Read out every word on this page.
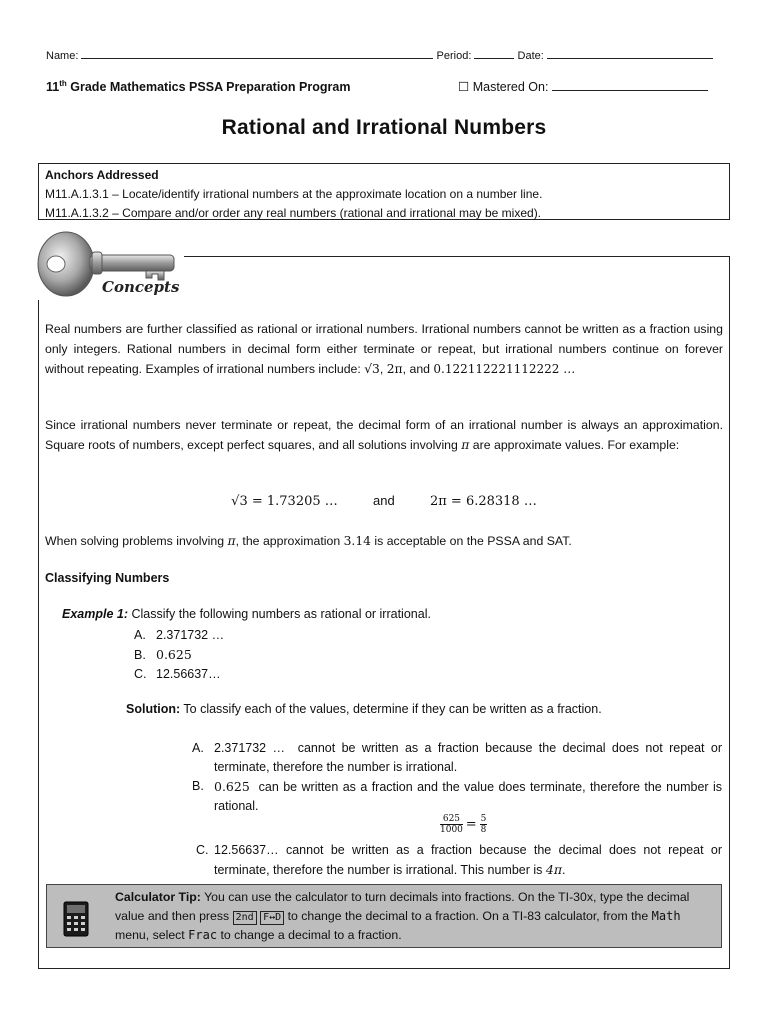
Name:	Period:	Date:
11th Grade Mathematics PSSA Preparation Program	☐ Mastered On:
Rational and Irrational Numbers
Anchors Addressed
M11.A.1.3.1 – Locate/identify irrational numbers at the approximate location on a number line.
M11.A.1.3.2 – Compare and/or order any real numbers (rational and irrational may be mixed).
Concepts
Real numbers are further classified as rational or irrational numbers. Irrational numbers cannot be written as a fraction using only integers. Rational numbers in decimal form either terminate or repeat, but irrational numbers continue on forever without repeating. Examples of irrational numbers include: √3, 2π, and 0.122112221112222 …
Since irrational numbers never terminate or repeat, the decimal form of an irrational number is always an approximation. Square roots of numbers, except perfect squares, and all solutions involving π are approximate values. For example:
√3 = 1.73205 …	and	2π = 6.28318 …
When solving problems involving π, the approximation 3.14 is acceptable on the PSSA and SAT.
Classifying Numbers
Example 1: Classify the following numbers as rational or irrational.
A. 2.371732 …
B. 0.625
C. 12.56637…
Solution: To classify each of the values, determine if they can be written as a fraction.
A. 2.371732 … cannot be written as a fraction because the decimal does not repeat or terminate, therefore the number is irrational.
B. 0.625 can be written as a fraction and the value does terminate, therefore the number is rational.
$\frac{625}{1000} = \frac{5}{8}$
C. 12.56637… cannot be written as a fraction because the decimal does not repeat or terminate, therefore the number is irrational. This number is 4π.
Calculator Tip: You can use the calculator to turn decimals into fractions. On the TI-30x, type the decimal value and then press 2nd F↔D to change the decimal to a fraction. On a TI-83 calculator, from the Math menu, select Frac to change a decimal to a fraction.
